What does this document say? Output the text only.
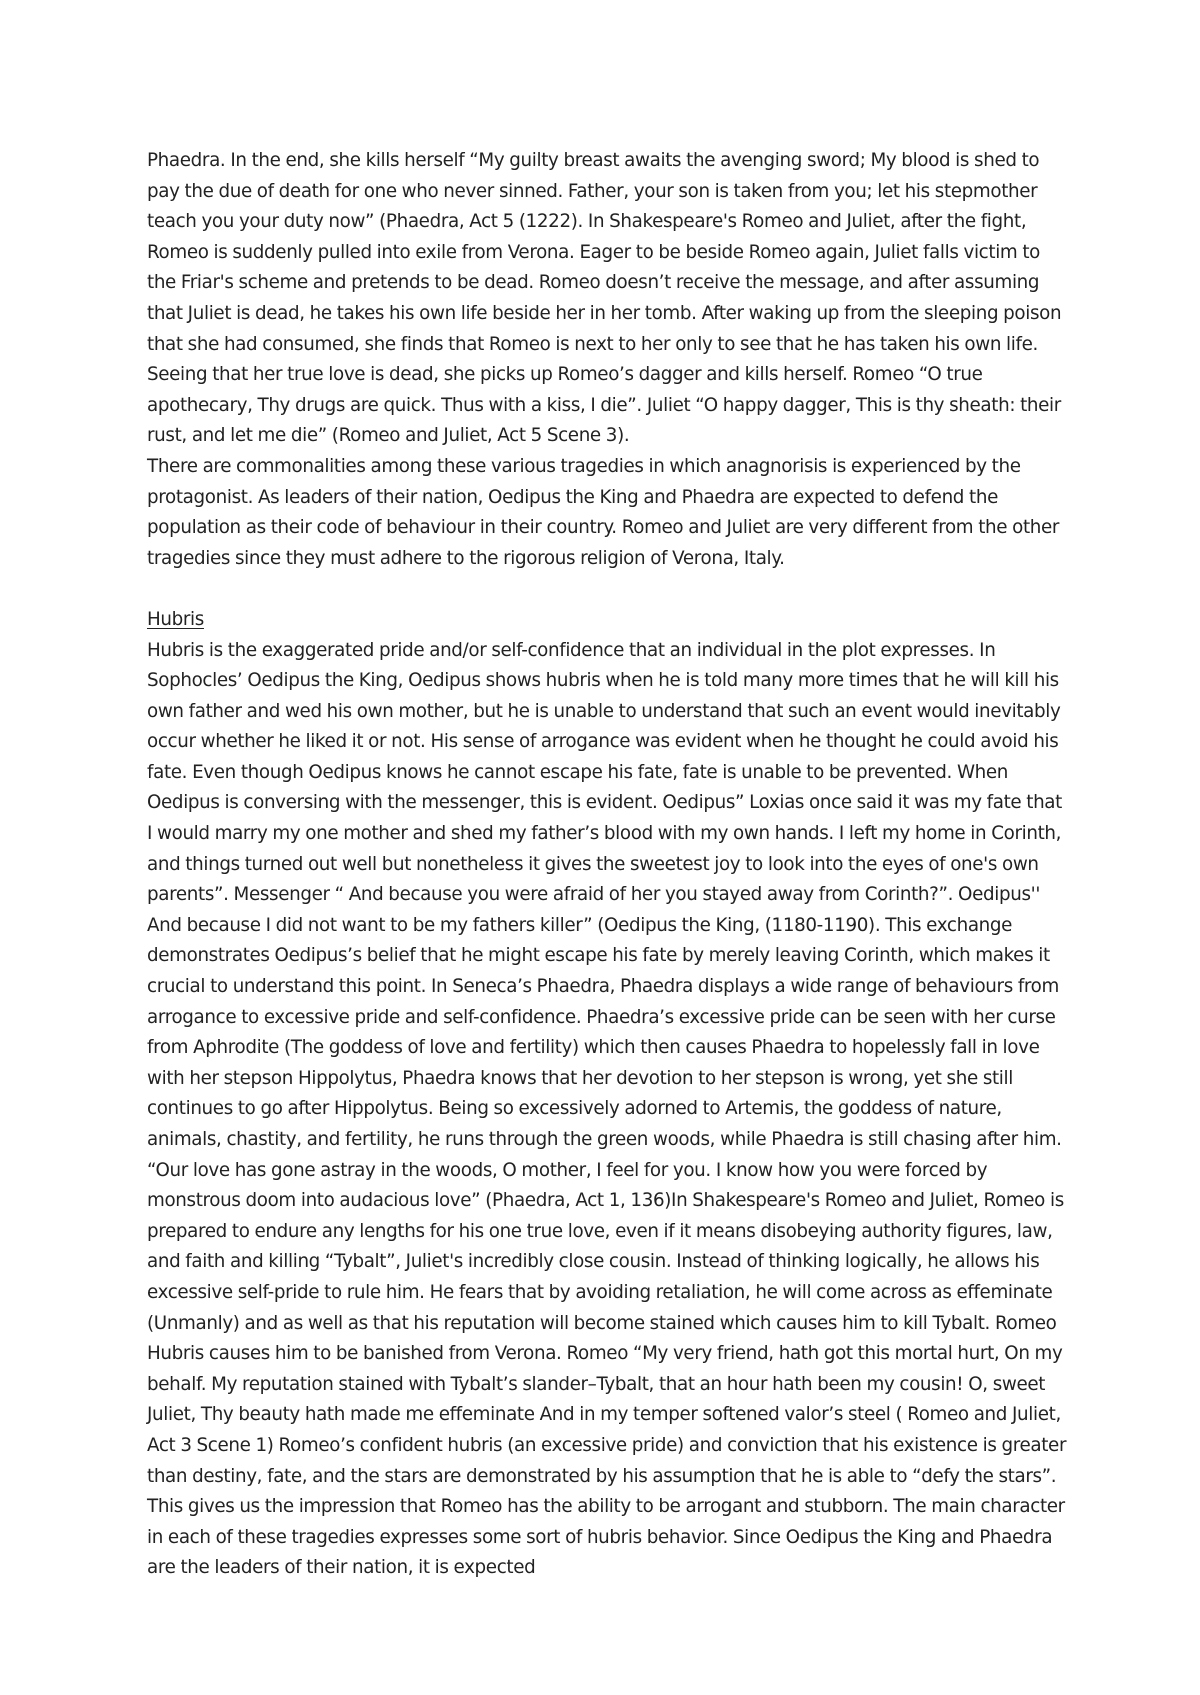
Phaedra. In the end, she kills herself “My guilty breast awaits the avenging sword; My blood is shed to pay the due of death for one who never sinned. Father, your son is taken from you; let his stepmother teach you your duty now” (Phaedra, Act 5 (1222). In Shakespeare's Romeo and Juliet, after the fight, Romeo is suddenly pulled into exile from Verona. Eager to be beside Romeo again, Juliet falls victim to the Friar's scheme and pretends to be dead. Romeo doesn’t receive the message, and after assuming that Juliet is dead, he takes his own life beside her in her tomb. After waking up from the sleeping poison that she had consumed, she finds that Romeo is next to her only to see that he has taken his own life. Seeing that her true love is dead, she picks up Romeo’s dagger and kills herself. Romeo “O true apothecary, Thy drugs are quick. Thus with a kiss, I die”. Juliet “O happy dagger, This is thy sheath: their rust, and let me die” (Romeo and Juliet, Act 5 Scene 3).

There are commonalities among these various tragedies in which anagnorisis is experienced by the protagonist. As leaders of their nation, Oedipus the King and Phaedra are expected to defend the population as their code of behaviour in their country. Romeo and Juliet are very different from the other tragedies since they must adhere to the rigorous religion of Verona, Italy.

Hubris

Hubris is the exaggerated pride and/or self-confidence that an individual in the plot expresses. In Sophocles’ Oedipus the King, Oedipus shows hubris when he is told many more times that he will kill his own father and wed his own mother, but he is unable to understand that such an event would inevitably occur whether he liked it or not. His sense of arrogance was evident when he thought he could avoid his fate. Even though Oedipus knows he cannot escape his fate, fate is unable to be prevented. When Oedipus is conversing with the messenger, this is evident. Oedipus” Loxias once said it was my fate that I would marry my one mother and shed my father’s blood with my own hands. I left my home in Corinth, and things turned out well but nonetheless it gives the sweetest joy to look into the eyes of one's own parents”. Messenger “ And because you were afraid of her you stayed away from Corinth?”. Oedipus'' And because I did not want to be my fathers killer” (Oedipus the King, (1180-1190). This exchange demonstrates Oedipus’s belief that he might escape his fate by merely leaving Corinth, which makes it crucial to understand this point. In Seneca’s Phaedra, Phaedra displays a wide range of behaviours from arrogance to excessive pride and self-confidence. Phaedra’s excessive pride can be seen with her curse from Aphrodite (The goddess of love and fertility) which then causes Phaedra to hopelessly fall in love with her stepson Hippolytus, Phaedra knows that her devotion to her stepson is wrong, yet she still continues to go after Hippolytus. Being so excessively adorned to Artemis, the goddess of nature, animals, chastity, and fertility, he runs through the green woods, while Phaedra is still chasing after him. “Our love has gone astray in the woods, O mother, I feel for you. I know how you were forced by monstrous doom into audacious love” (Phaedra, Act 1, 136)In Shakespeare's Romeo and Juliet, Romeo is prepared to endure any lengths for his one true love, even if it means disobeying authority figures, law, and faith and killing “Tybalt”, Juliet's incredibly close cousin. Instead of thinking logically, he allows his excessive self-pride to rule him. He fears that by avoiding retaliation, he will come across as effeminate (Unmanly) and as well as that his reputation will become stained which causes him to kill Tybalt. Romeo Hubris causes him to be banished from Verona. Romeo “My very friend, hath got this mortal hurt, On my behalf. My reputation stained with Tybalt’s slander–Tybalt, that an hour hath been my cousin! O, sweet Juliet, Thy beauty hath made me effeminate And in my temper softened valor’s steel ( Romeo and Juliet, Act 3 Scene 1) Romeo’s confident hubris (an excessive pride) and conviction that his existence is greater than destiny, fate, and the stars are demonstrated by his assumption that he is able to “defy the stars”. This gives us the impression that Romeo has the ability to be arrogant and stubborn. The main character in each of these tragedies expresses some sort of hubris behavior. Since Oedipus the King and Phaedra are the leaders of their nation, it is expected
